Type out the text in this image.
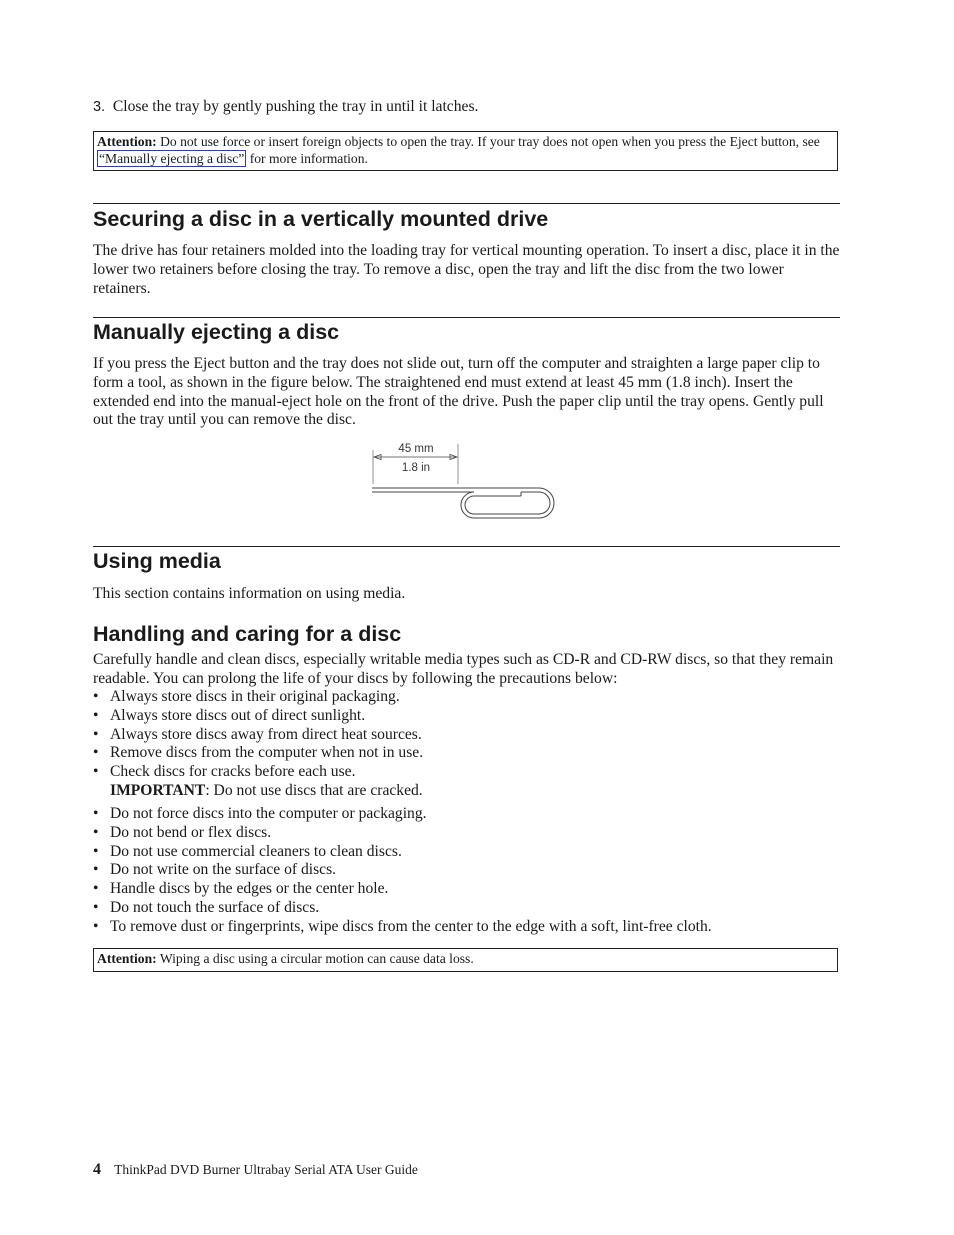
3. Close the tray by gently pushing the tray in until it latches.
Attention: Do not use force or insert foreign objects to open the tray. If your tray does not open when you press the Eject button, see “Manually ejecting a disc” for more information.
Securing a disc in a vertically mounted drive

The drive has four retainers molded into the loading tray for vertical mounting operation. To insert a disc, place it in the lower two retainers before closing the tray. To remove a disc, open the tray and lift the disc from the two lower retainers.

Manually ejecting a disc

If you press the Eject button and the tray does not slide out, turn off the computer and straighten a large paper clip to form a tool, as shown in the figure below. The straightened end must extend at least 45 mm (1.8 inch). Insert the extended end into the manual-eject hole on the front of the drive. Push the paper clip until the tray opens. Gently pull out the tray until you can remove the disc.

45 mm
1.8 in
Using media

This section contains information on using media.

Handling and caring for a disc

Carefully handle and clean discs, especially writable media types such as CD-R and CD-RW discs, so that they remain readable. You can prolong the life of your discs by following the precautions below:

• Always store discs in their original packaging.
• Always store discs out of direct sunlight.
• Always store discs away from direct heat sources.
• Remove discs from the computer when not in use.
• Check discs for cracks before each use.
IMPORTANT: Do not use discs that are cracked.
• Do not force discs into the computer or packaging.
• Do not bend or flex discs.
• Do not use commercial cleaners to clean discs.
• Do not write on the surface of discs.
• Handle discs by the edges or the center hole.
• Do not touch the surface of discs.
• To remove dust or fingerprints, wipe discs from the center to the edge with a soft, lint-free cloth.
Attention: Wiping a disc using a circular motion can cause data loss.
4 ThinkPad DVD Burner Ultrabay Serial ATA User Guide
